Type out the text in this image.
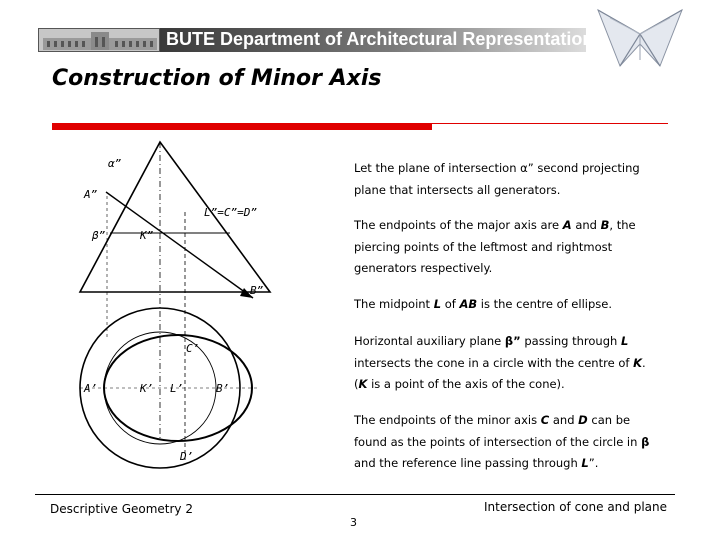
BUTE Department of Architectural Representation
Construction of Minor Axis
α”
A”
L”=C”=D”
β”	K”
B”
C’
A’	K’ L’	B’
D’
Let the plane of intersection α” second projecting plane that intersects all generators.
The endpoints of the major axis are A and B, the piercing points of the leftmost and rightmost generators respectively.
The midpoint L of AB is the centre of ellipse.
Horizontal auxiliary plane β” passing through L intersects the cone in a circle with the centre of K. (K is a point of the axis of the cone).
The endpoints of the minor axis C and D can be found as the points of intersection of the circle in β and the reference line passing through L”.
Descriptive Geometry 2	Intersection of cone and plane
3
